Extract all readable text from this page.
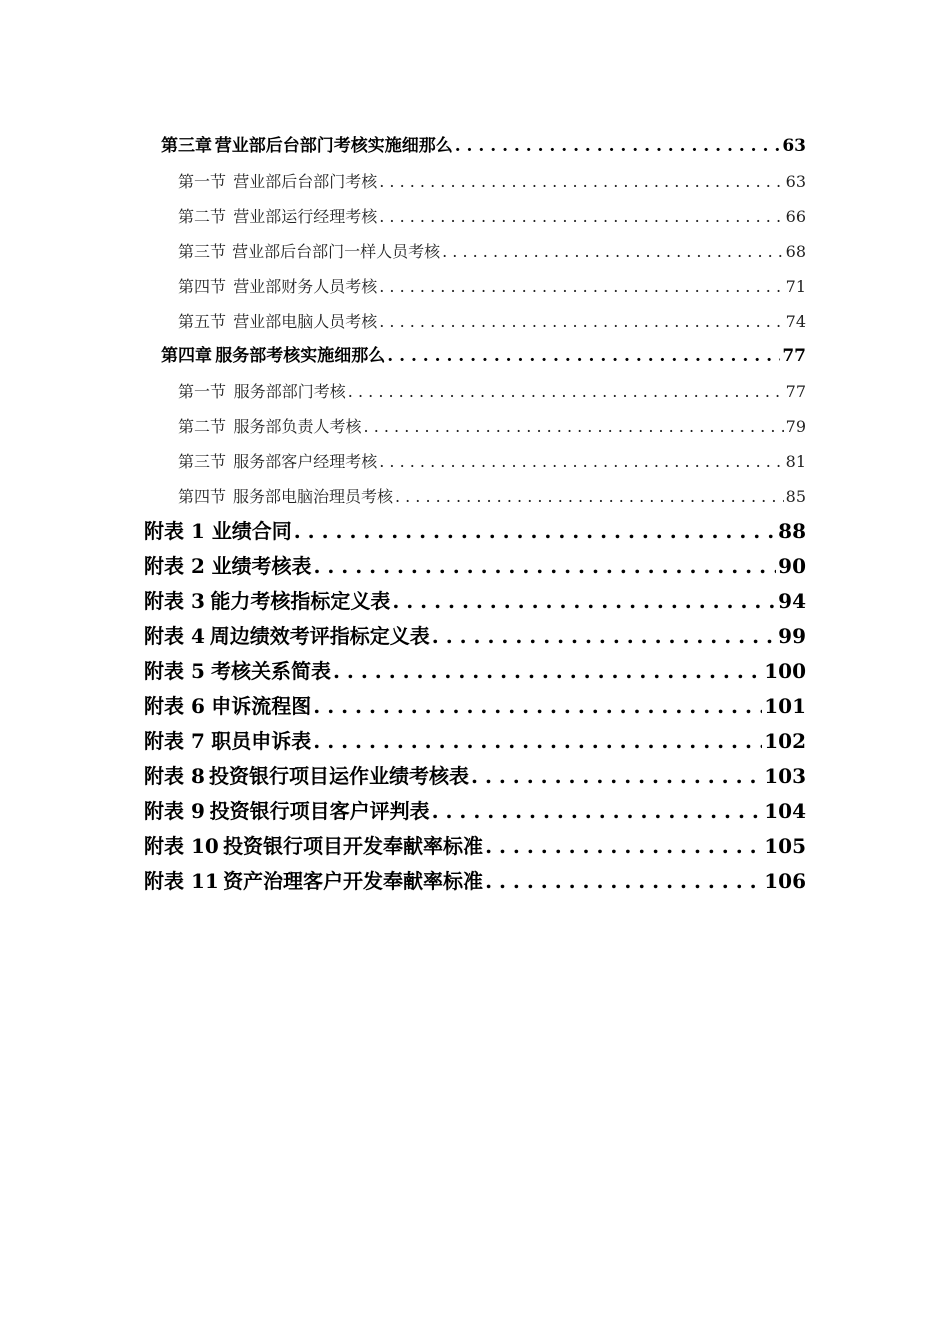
第三章 营业部后台部门考核实施细那么 . . .	63
第一节 营业部后台部门考核 . . .	63
第二节 营业部运行经理考核 . . .	66
第三节 营业部后台部门一样人员考核 . . .	68
第四节 营业部财务人员考核 . . .	71
第五节 营业部电脑人员考核 . . .	74
第四章 服务部考核实施细那么 . . .	77
第一节 服务部部门考核 . . .	77
第二节 服务部负责人考核 . . .	79
第三节 服务部客户经理考核 . . .	81
第四节 服务部电脑治理员考核 . . .	85
附表 1 业绩合同 . . .	88
附表 2 业绩考核表 . . .	90
附表 3 能力考核指标定义表 . . .	94
附表 4 周边绩效考评指标定义表 . . .	99
附表 5 考核关系简表 . . .	100
附表 6 申诉流程图 . . .	101
附表 7 职员申诉表 . . .	102
附表 8 投资银行项目运作业绩考核表 . . .	103
附表 9 投资银行项目客户评判表 . . .	104
附表 10 投资银行项目开发奉献率标准 . . .	105
附表 11 资产治理客户开发奉献率标准 . . .	106
